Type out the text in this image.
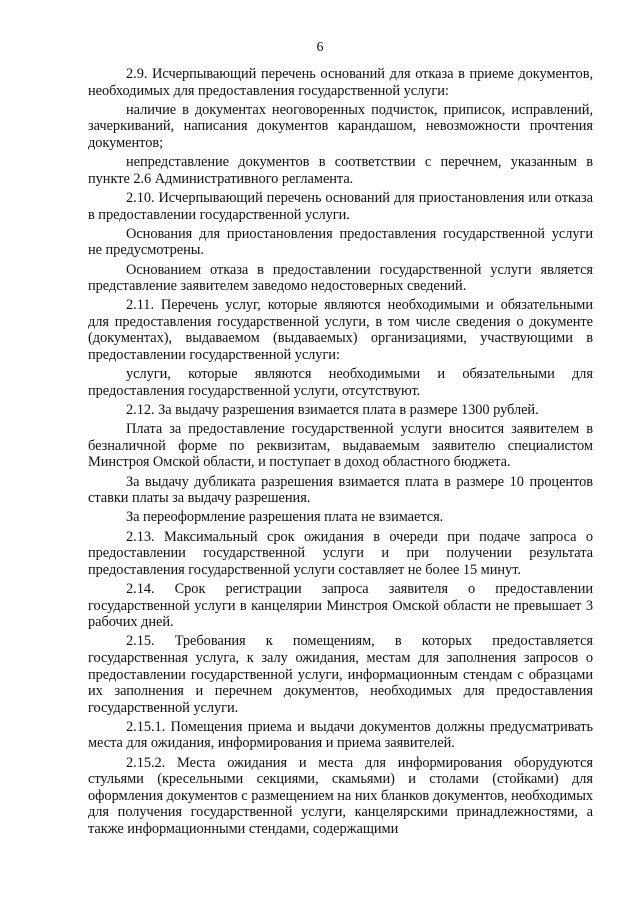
6

2.9. Исчерпывающий перечень оснований для отказа в приеме документов, необходимых для предоставления государственной услуги:

наличие в документах неоговоренных подчисток, приписок, исправлений, зачеркиваний, написания документов карандашом, невозможности прочтения документов;

непредставление документов в соответствии с перечнем, указанным в пункте 2.6 Административного регламента.

2.10. Исчерпывающий перечень оснований для приостановления или отказа в предоставлении государственной услуги.

Основания для приостановления предоставления государственной услуги не предусмотрены.

Основанием отказа в предоставлении государственной услуги является представление заявителем заведомо недостоверных сведений.

2.11. Перечень услуг, которые являются необходимыми и обязательными для предоставления государственной услуги, в том числе сведения о документе (документах), выдаваемом (выдаваемых) организациями, участвующими в предоставлении государственной услуги:

услуги, которые являются необходимыми и обязательными для предоставления государственной услуги, отсутствуют.

2.12. За выдачу разрешения взимается плата в размере 1300 рублей.

Плата за предоставление государственной услуги вносится заявителем в безналичной форме по реквизитам, выдаваемым заявителю специалистом Минстроя Омской области, и поступает в доход областного бюджета.

За выдачу дубликата разрешения взимается плата в размере 10 процентов ставки платы за выдачу разрешения.

За переоформление разрешения плата не взимается.

2.13. Максимальный срок ожидания в очереди при подаче запроса о предоставлении государственной услуги и при получении результата предоставления государственной услуги составляет не более 15 минут.

2.14. Срок регистрации запроса заявителя о предоставлении государственной услуги в канцелярии Минстроя Омской области не превышает 3 рабочих дней.

2.15. Требования к помещениям, в которых предоставляется государственная услуга, к залу ожидания, местам для заполнения запросов о предоставлении государственной услуги, информационным стендам с образцами их заполнения и перечнем документов, необходимых для предоставления государственной услуги.

2.15.1. Помещения приема и выдачи документов должны предусматривать места для ожидания, информирования и приема заявителей.

2.15.2. Места ожидания и места для информирования оборудуются стульями (кресельными секциями, скамьями) и столами (стойками) для оформления документов с размещением на них бланков документов, необходимых для получения государственной услуги, канцелярскими принадлежностями, а также информационными стендами, содержащими
